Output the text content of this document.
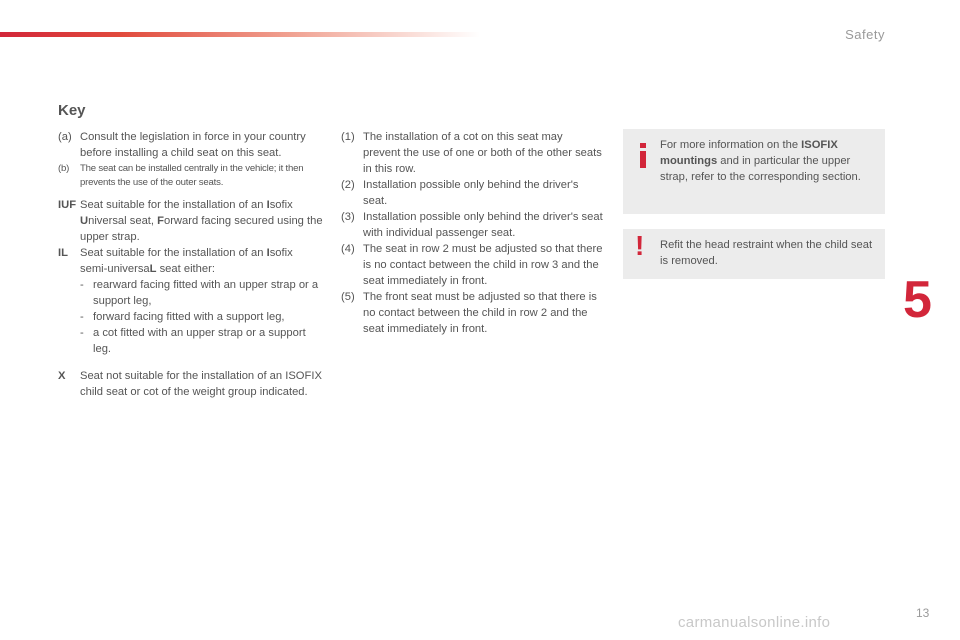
Safety
Key
(a) Consult the legislation in force in your country before installing a child seat on this seat.
(b) The seat can be installed centrally in the vehicle; it then prevents the use of the outer seats.
IUF Seat suitable for the installation of an Isofix Universal seat, Forward facing secured using the upper strap.
IL Seat suitable for the installation of an Isofix semi-universaL seat either:
- rearward facing fitted with an upper strap or a support leg,
- forward facing fitted with a support leg,
- a cot fitted with an upper strap or a support leg.
X Seat not suitable for the installation of an ISOFIX child seat or cot of the weight group indicated.
(1) The installation of a cot on this seat may prevent the use of one or both of the other seats in this row.
(2) Installation possible only behind the driver's seat.
(3) Installation possible only behind the driver's seat with individual passenger seat.
(4) The seat in row 2 must be adjusted so that there is no contact between the child in row 3 and the seat immediately in front.
(5) The front seat must be adjusted so that there is no contact between the child in row 2 and the seat immediately in front.
For more information on the ISOFIX mountings and in particular the upper strap, refer to the corresponding section.
! Refit the head restraint when the child seat is removed.
5
carmanualsonline.info
13
